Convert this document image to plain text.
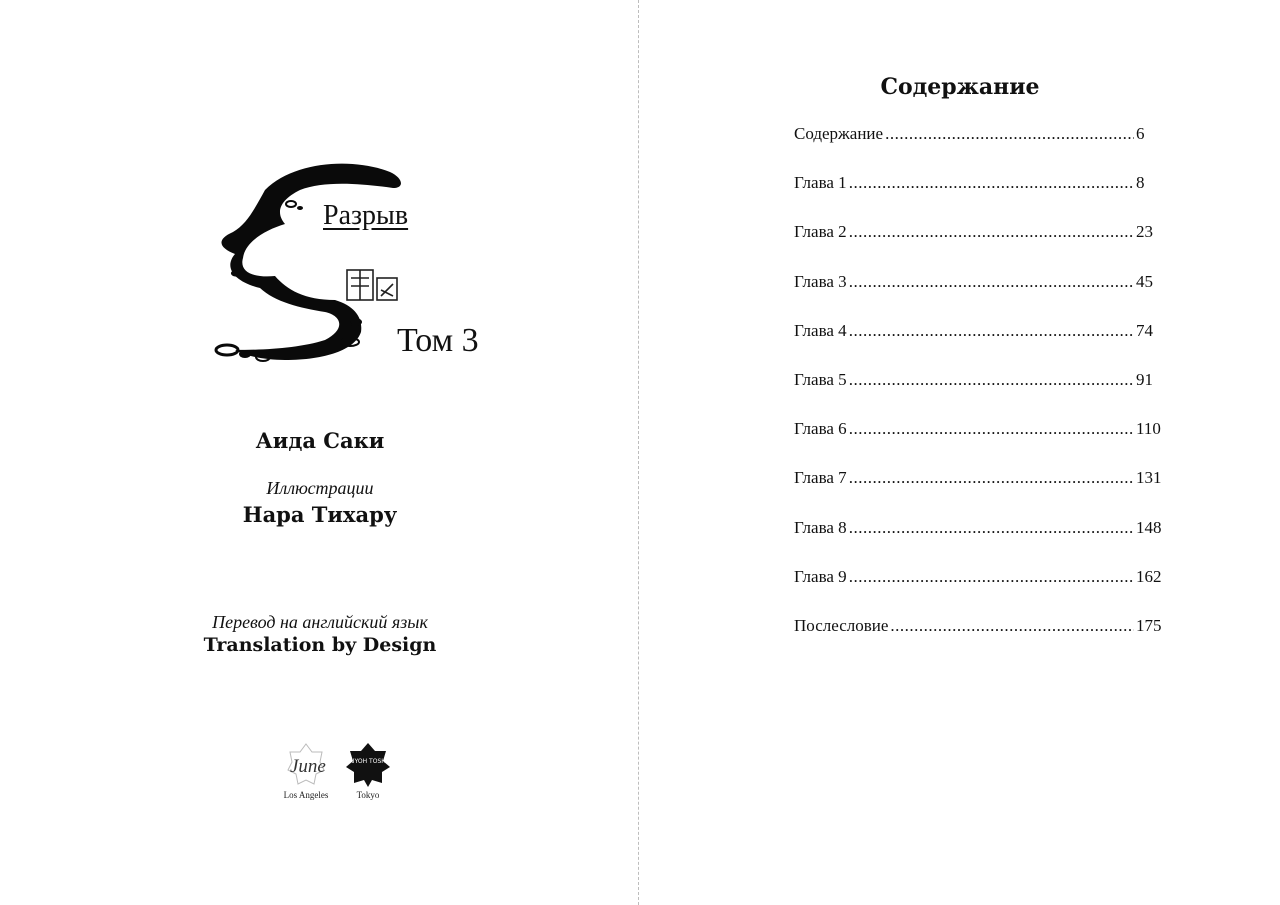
Разрыв
Том 3
Аида Саки
Иллюстрации
Нара Тихару
Перевод на английский язык
Translation by Design
June
Los Angeles
TAIYOH TOSHO
Tokyo
Содержание
Содержание .....	6
Глава 1 .....	8
Глава 2 .....	23
Глава 3 .....	45
Глава 4 .....	74
Глава 5 .....	91
Глава 6 .....	110
Глава 7 .....	131
Глава 8 .....	148
Глава 9 .....	162
Послесловие .....	175
